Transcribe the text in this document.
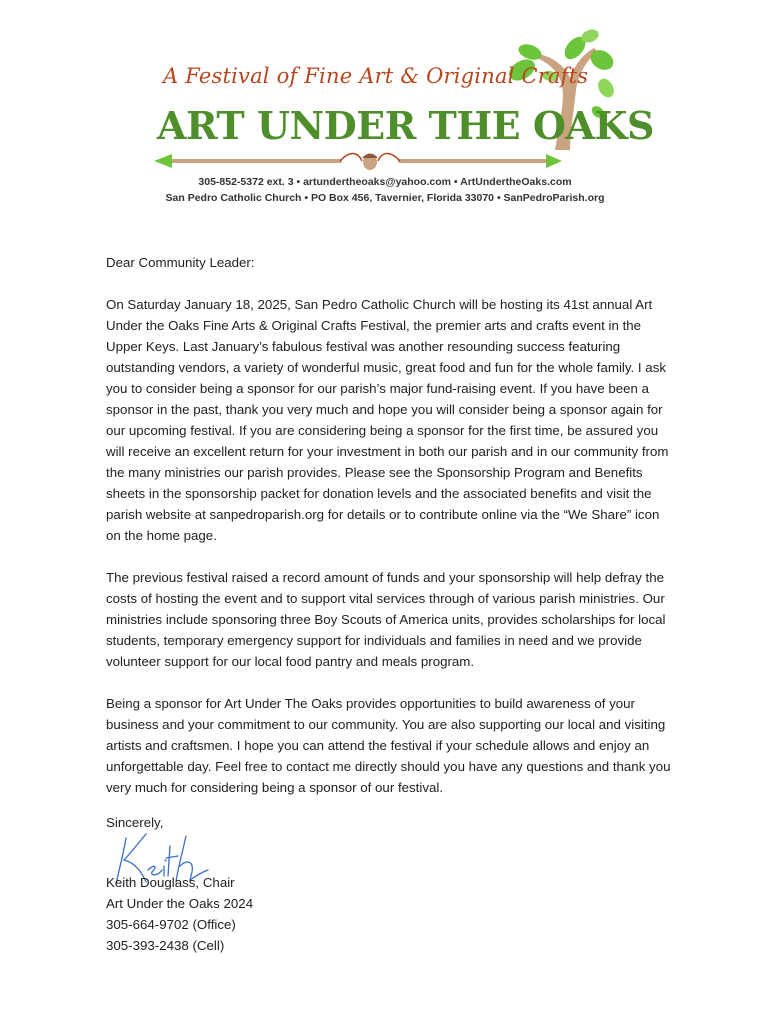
A Festival of Fine Art & Original Crafts
ART UNDER THE OAKS
305-852-5372 ext. 3 • artundertheoaks@yahoo.com • ArtUndertheOaks.com
San Pedro Catholic Church • PO Box 456, Tavernier, Florida 33070 • SanPedroParish.org

Dear Community Leader:

On Saturday January 18, 2025, San Pedro Catholic Church will be hosting its 41st annual Art Under the Oaks Fine Arts & Original Crafts Festival, the premier arts and crafts event in the Upper Keys. Last January’s fabulous festival was another resounding success featuring outstanding vendors, a variety of wonderful music, great food and fun for the whole family. I ask you to consider being a sponsor for our parish’s major fund-raising event. If you have been a sponsor in the past, thank you very much and hope you will consider being a sponsor again for our upcoming festival. If you are considering being a sponsor for the first time, be assured you will receive an excellent return for your investment in both our parish and in our community from the many ministries our parish provides. Please see the Sponsorship Program and Benefits sheets in the sponsorship packet for donation levels and the associated benefits and visit the parish website at sanpedroparish.org for details or to contribute online via the “We Share” icon on the home page.

The previous festival raised a record amount of funds and your sponsorship will help defray the costs of hosting the event and to support vital services through of various parish ministries. Our ministries include sponsoring three Boy Scouts of America units, provides scholarships for local students, temporary emergency support for individuals and families in need and we provide volunteer support for our local food pantry and meals program.

Being a sponsor for Art Under The Oaks provides opportunities to build awareness of your business and your commitment to our community. You are also supporting our local and visiting artists and craftsmen. I hope you can attend the festival if your schedule allows and enjoy an unforgettable day. Feel free to contact me directly should you have any questions and thank you very much for considering being a sponsor of our festival.

Sincerely,
Keith Douglass, Chair
Art Under the Oaks 2024
305-664-9702 (Office)
305-393-2438 (Cell)
